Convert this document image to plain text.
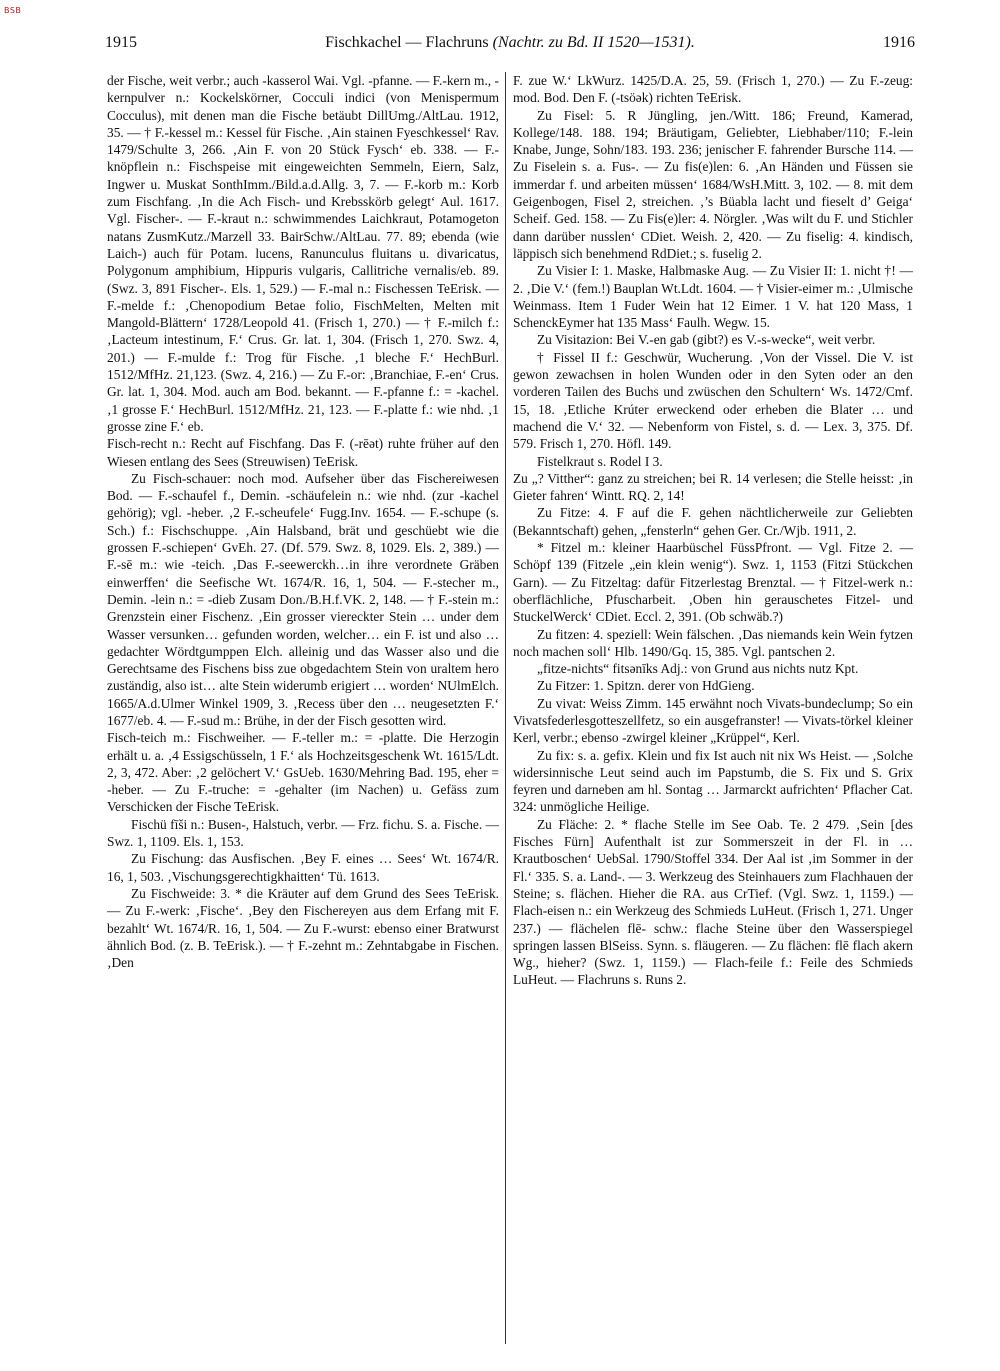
BSB
1915	Fischkachel — Flachruns (Nachtr. zu Bd. II 1520—1531).	1916

der Fische, weit verbr.; auch -kasserol Wai. Vgl. -pfanne. — F.-kern m., -kernpulver n.: Kockelskörner, Cocculi indici (von Menispermum Cocculus), mit denen man die Fische betäubt DillUmg./AltLau. 1912, 35. — † F.-kessel m.: Kessel für Fische. ‚Ain stainen Fyeschkessel‘ Rav. 1479/Schulte 3, 266. ‚Ain F. von 20 Stück Fysch‘ eb. 338. — F.-knöpflein n.: Fischspeise mit eingeweichten Semmeln, Eiern, Salz, Ingwer u. Muskat SonthImm./Bild.a.d.Allg. 3, 7. — F.-korb m.: Korb zum Fischfang. ‚In die Ach Fisch- und Krebsskörb gelegt‘ Aul. 1617. Vgl. Fischer-. — F.-kraut n.: schwimmendes Laichkraut, Potamogeton natans ZusmKutz./Marzell 33. BairSchw./AltLau. 77. 89; ebenda (wie Laich-) auch für Potam. lucens, Ranunculus fluitans u. divaricatus, Polygonum amphibium, Hippuris vulgaris, Callitriche vernalis/eb. 89. (Swz. 3, 891 Fischer-. Els. 1, 529.) — F.-mal n.: Fischessen TeErisk. — F.-melde f.: ‚Chenopodium Betae folio, FischMelten, Melten mit Mangold-Blättern‘ 1728/Leopold 41. (Frisch 1, 270.) — † F.-milch f.: ‚Lacteum intestinum, F.‘ Crus. Gr. lat. 1, 304. (Frisch 1, 270. Swz. 4, 201.) — F.-mulde f.: Trog für Fische. ‚1 bleche F.‘ HechBurl. 1512/MfHz. 21,123. (Swz. 4, 216.) — Zu F.-or: ‚Branchiae, F.-en‘ Crus. Gr. lat. 1, 304. Mod. auch am Bod. bekannt. — F.-pfanne f.: = -kachel. ‚1 grosse F.‘ HechBurl. 1512/MfHz. 21, 123. — F.-platte f.: wie nhd. ‚1 grosse zine F.‘ eb.

Fisch-recht n.: Recht auf Fischfang. Das F. (-rēət) ruhte früher auf den Wiesen entlang des Sees (Streuwisen) TeErisk.

Zu Fisch-schauer: noch mod. Aufseher über das Fischereiwesen Bod. — F.-schaufel f., Demin. -schäufelein n.: wie nhd. (zur -kachel gehörig); vgl. -heber. ‚2 F.-scheufele‘ Fugg.Inv. 1654. — F.-schupe (s. Sch.) f.: Fischschuppe. ‚Ain Halsband, brät und geschüebt wie die grossen F.-schiepen‘ GvEh. 27. (Df. 579. Swz. 8, 1029. Els. 2, 389.) — F.-sē m.: wie -teich. ‚Das F.-seewerckh…in ihre verordnete Gräben einwerffen‘ die Seefische Wt. 1674/R. 16, 1, 504. — F.-stecher m., Demin. -lein n.: = -dieb Zusam Don./B.H.f.VK. 2, 148. — † F.-stein m.: Grenzstein einer Fischenz. ‚Ein grosser viereckter Stein … under dem Wasser versunken… gefunden worden, welcher… ein F. ist und also … gedachter Wördtgumppen Elch. alleinig und das Wasser also und die Gerechtsame des Fischens biss zue obgedachtem Stein von uraltem hero zuständig, also ist… alte Stein widerumb erigiert … worden‘ NUlmElch. 1665/A.d.Ulmer Winkel 1909, 3. ‚Recess über den … neugesetzten F.‘ 1677/eb. 4. — F.-sud m.: Brühe, in der der Fisch gesotten wird.

Fisch-teich m.: Fischweiher. — F.-teller m.: = -platte. Die Herzogin erhält u. a. ‚4 Essigschüsseln, 1 F.‘ als Hochzeitsgeschenk Wt. 1615/Ldt. 2, 3, 472. Aber: ‚2 gelöchert V.‘ GsUeb. 1630/Mehring Bad. 195, eher = -heber. — Zu F.-truche: = -gehalter (im Nachen) u. Gefäss zum Verschicken der Fische TeErisk.

Fischü fīši n.: Busen-, Halstuch, verbr. — Frz. fichu. S. a. Fische. — Swz. 1, 1109. Els. 1, 153.

Zu Fischung: das Ausfischen. ‚Bey F. eines … Sees‘ Wt. 1674/R. 16, 1, 503. ‚Vischungsgerechtigkhaitten‘ Tü. 1613.

Zu Fischweide: 3. * die Kräuter auf dem Grund des Sees TeErisk. — Zu F.-werk: ‚Fische‘. ‚Bey den Fischereyen aus dem Erfang mit F. bezahlt‘ Wt. 1674/R. 16, 1, 504. — Zu F.-wurst: ebenso einer Bratwurst ähnlich Bod. (z. B. TeErisk.). — † F.-zehnt m.: Zehntabgabe in Fischen. ‚Den

F. zue W.‘ LkWurz. 1425/D.A. 25, 59. (Frisch 1, 270.) — Zu F.-zeug: mod. Bod. Den F. (-tsöək) richten TeErisk.

Zu Fisel: 5. R Jüngling, jen./Witt. 186; Freund, Kamerad, Kollege/148. 188. 194; Bräutigam, Geliebter, Liebhaber/110; F.-lein Knabe, Junge, Sohn/183. 193. 236; jenischer F. fahrender Bursche 114. — Zu Fiselein s. a. Fus-. — Zu fis(e)len: 6. ‚An Händen und Füssen sie immerdar f. und arbeiten müssen‘ 1684/WsH.Mitt. 3, 102. — 8. mit dem Geigenbogen, Fisel 2, streichen. ‚’s Büabla lacht und fieselt d’ Geiga‘ Scheif. Ged. 158. — Zu Fis(e)ler: 4. Nörgler. ‚Was wilt du F. und Stichler dann darüber nusslen‘ CDiet. Weish. 2, 420. — Zu fiselig: 4. kindisch, läppisch sich benehmend RdDiet.; s. fuselig 2.

Zu Visier I: 1. Maske, Halbmaske Aug. — Zu Visier II: 1. nicht †! — 2. ‚Die V.‘ (fem.!) Bauplan Wt.Ldt. 1604. — † Visier-eimer m.: ‚Ulmische Weinmass. Item 1 Fuder Wein hat 12 Eimer. 1 V. hat 120 Mass, 1 SchenckEymer hat 135 Mass‘ Faulh. Wegw. 15.

Zu Visitazion: Bei V.-en gab (gibt?) es V.-s-wecke“, weit verbr.

† Fissel II f.: Geschwür, Wucherung. ‚Von der Vissel. Die V. ist gewon zewachsen in holen Wunden oder in den Syten oder an den vorderen Tailen des Buchs und zwüschen den Schultern‘ Ws. 1472/Cmf. 15, 18. ‚Etliche Krúter erweckend oder erheben die Blater … und machend die V.‘ 32. — Nebenform von Fistel, s. d. — Lex. 3, 375. Df. 579. Frisch 1, 270. Höfl. 149.

Fistelkraut s. Rodel I 3.

Zu „? Vitther“: ganz zu streichen; bei R. 14 verlesen; die Stelle heisst: ‚in Gieter fahren‘ Wintt. RQ. 2, 14!

Zu Fitze: 4. F auf die F. gehen nächtlicherweile zur Geliebten (Bekanntschaft) gehen, „fensterln“ gehen Ger. Cr./Wjb. 1911, 2.

* Fitzel m.: kleiner Haarbüschel FüssPfront. — Vgl. Fitze 2. — Schöpf 139 (Fitzele „ein klein wenig“). Swz. 1, 1153 (Fitzi Stückchen Garn). — Zu Fitzeltag: dafür Fitzerlestag Brenztal. — † Fitzel-werk n.: oberflächliche, Pfuscharbeit. ‚Oben hin gerauschetes Fitzel- und StuckelWerck‘ CDiet. Eccl. 2, 391. (Ob schwäb.?)

Zu fitzen: 4. speziell: Wein fälschen. ‚Das niemands kein Wein fytzen noch machen soll‘ Hlb. 1490/Gq. 15, 385. Vgl. pantschen 2.

„fitze-nichts“ fitsənīks Adj.: von Grund aus nichts nutz Kpt.

Zu Fitzer: 1. Spitzn. derer von HdGieng.

Zu vivat: Weiss Zimm. 145 erwähnt noch Vivats-bundeclump; So ein Vivatsfederlesgotteszellfetz, so ein ausgefranster! — Vivats-törkel kleiner Kerl, verbr.; ebenso -zwirgel kleiner „Krüppel“, Kerl.

Zu fix: s. a. gefix. Klein und fix Ist auch nit nix Ws Heist. — ‚Solche widersinnische Leut seind auch im Papstumb, die S. Fix und S. Grix feyren und darneben am hl. Sontag … Jarmarckt aufrichten‘ Pflacher Cat. 324: unmögliche Heilige.

Zu Fläche: 2. * flache Stelle im See Oab. Te. 2 479. ‚Sein [des Fisches Fürn] Aufenthalt ist zur Sommerszeit in der Fl. in … Krautboschen‘ UebSal. 1790/Stoffel 334. Der Aal ist ‚im Sommer in der Fl.‘ 335. S. a. Land-. — 3. Werkzeug des Steinhauers zum Flachhauen der Steine; s. flächen. Hieher die RA. aus CrTief. (Vgl. Swz. 1, 1159.) — Flach-eisen n.: ein Werkzeug des Schmieds LuHeut. (Frisch 1, 271. Unger 237.) — flächelen flē- schw.: flache Steine über den Wasserspiegel springen lassen BlSeiss. Synn. s. fläugeren. — Zu flächen: flē flach akern Wg., hieher? (Swz. 1, 1159.) — Flach-feile f.: Feile des Schmieds LuHeut. — Flachruns s. Runs 2.
